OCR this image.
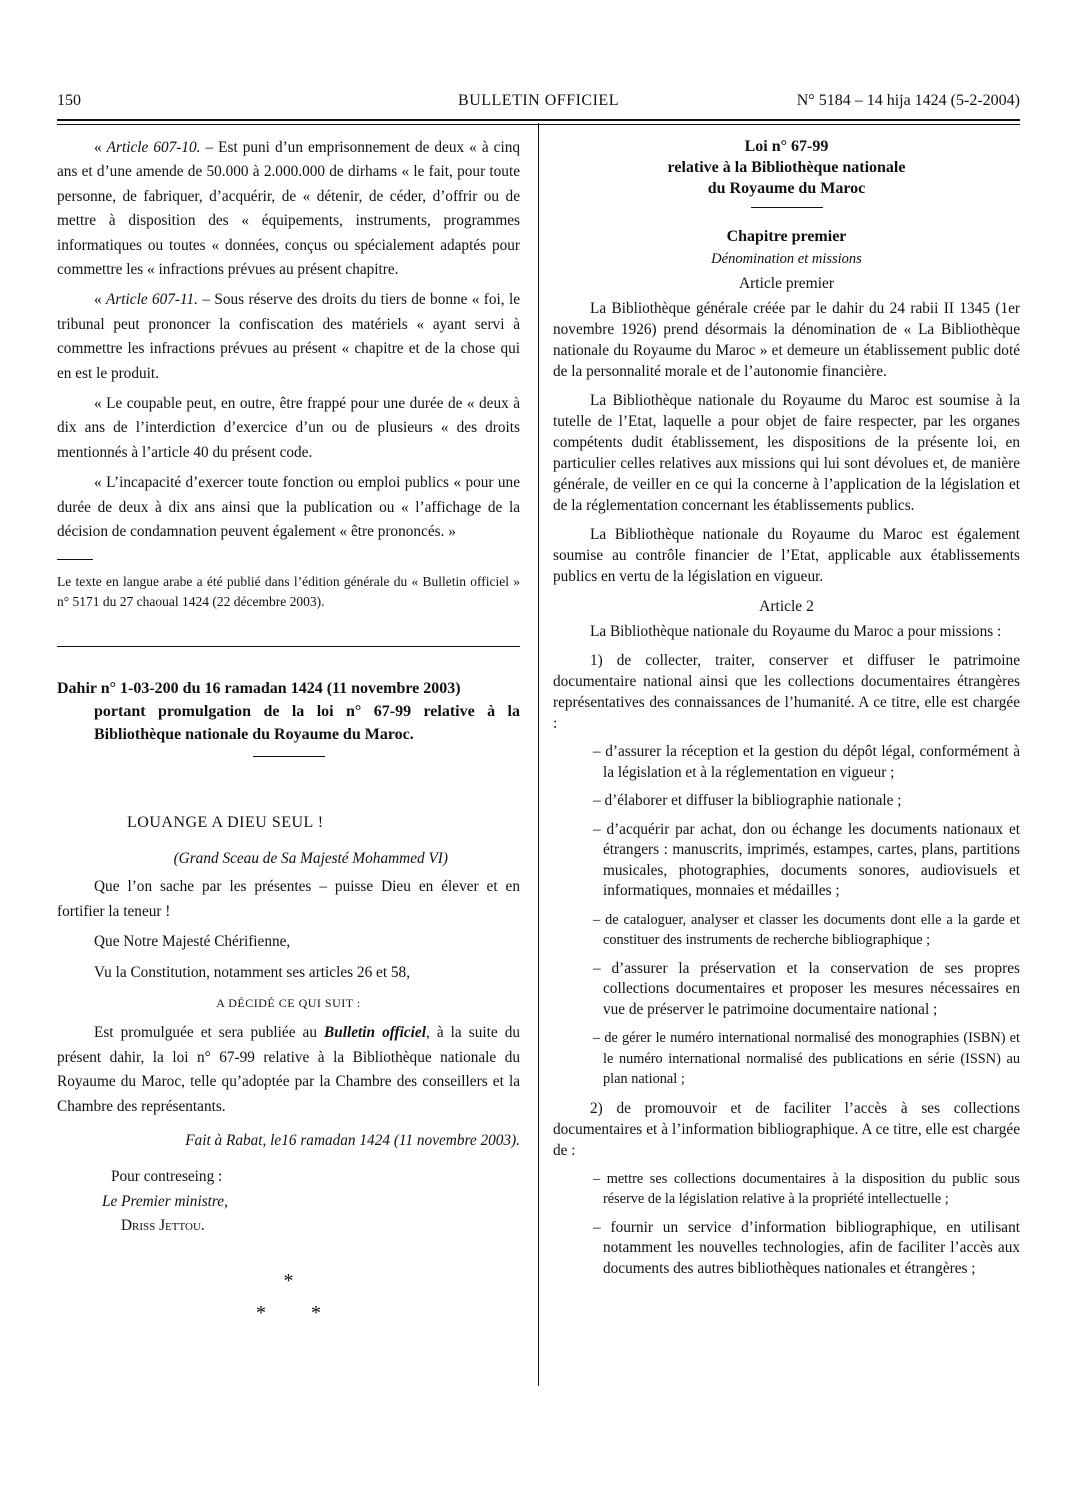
150	BULLETIN OFFICIEL	N° 5184 – 14 hija 1424 (5-2-2004)

« Article 607-10. – Est puni d’un emprisonnement de deux « à cinq ans et d’une amende de 50.000 à 2.000.000 de dirhams « le fait, pour toute personne, de fabriquer, d’acquérir, de « détenir, de céder, d’offrir ou de mettre à disposition des « équipements, instruments, programmes informatiques ou toutes « données, conçus ou spécialement adaptés pour commettre les « infractions prévues au présent chapitre.

« Article 607-11. – Sous réserve des droits du tiers de bonne « foi, le tribunal peut prononcer la confiscation des matériels « ayant servi à commettre les infractions prévues au présent « chapitre et de la chose qui en est le produit.

« Le coupable peut, en outre, être frappé pour une durée de « deux à dix ans de l’interdiction d’exercice d’un ou de plusieurs « des droits mentionnés à l’article 40 du présent code.

« L’incapacité d’exercer toute fonction ou emploi publics « pour une durée de deux à dix ans ainsi que la publication ou « l’affichage de la décision de condamnation peuvent également « être prononcés. »

Le texte en langue arabe a été publié dans l’édition générale du « Bulletin officiel » n° 5171 du 27 chaoual 1424 (22 décembre 2003).

Dahir n° 1-03-200 du 16 ramadan 1424 (11 novembre 2003)
portant promulgation de la loi n° 67-99 relative à la Bibliothèque nationale du Royaume du Maroc.

LOUANGE A DIEU SEUL !

(Grand Sceau de Sa Majesté Mohammed VI)

Que l’on sache par les présentes – puisse Dieu en élever et en fortifier la teneur !

Que Notre Majesté Chérifienne,

Vu la Constitution, notamment ses articles 26 et 58,

A DÉCIDÉ CE QUI SUIT :

Est promulguée et sera publiée au Bulletin officiel, à la suite du présent dahir, la loi n° 67-99 relative à la Bibliothèque nationale du Royaume du Maroc, telle qu’adoptée par la Chambre des conseillers et la Chambre des représentants.

Fait à Rabat, le16 ramadan 1424 (11 novembre 2003).

Pour contreseing :

Le Premier ministre,

Driss Jettou.

*
* *
Loi n° 67-99
relative à la Bibliothèque nationale
du Royaume du Maroc
Chapitre premier
Dénomination et missions
Article premier

La Bibliothèque générale créée par le dahir du 24 rabii II 1345 (1er novembre 1926) prend désormais la dénomination de « La Bibliothèque nationale du Royaume du Maroc » et demeure un établissement public doté de la personnalité morale et de l’autonomie financière.

La Bibliothèque nationale du Royaume du Maroc est soumise à la tutelle de l’Etat, laquelle a pour objet de faire respecter, par les organes compétents dudit établissement, les dispositions de la présente loi, en particulier celles relatives aux missions qui lui sont dévolues et, de manière générale, de veiller en ce qui la concerne à l’application de la législation et de la réglementation concernant les établissements publics.

La Bibliothèque nationale du Royaume du Maroc est également soumise au contrôle financier de l’Etat, applicable aux établissements publics en vertu de la législation en vigueur.

Article 2

La Bibliothèque nationale du Royaume du Maroc a pour missions :

1) de collecter, traiter, conserver et diffuser le patrimoine documentaire national ainsi que les collections documentaires étrangères représentatives des connaissances de l’humanité. A ce titre, elle est chargée :

– d’assurer la réception et la gestion du dépôt légal, conformément à la législation et à la réglementation en vigueur ;

– d’élaborer et diffuser la bibliographie nationale ;

– d’acquérir par achat, don ou échange les documents nationaux et étrangers : manuscrits, imprimés, estampes, cartes, plans, partitions musicales, photographies, documents sonores, audiovisuels et informatiques, monnaies et médailles ;

– de cataloguer, analyser et classer les documents dont elle a la garde et constituer des instruments de recherche bibliographique ;

– d’assurer la préservation et la conservation de ses propres collections documentaires et proposer les mesures nécessaires en vue de préserver le patrimoine documentaire national ;

– de gérer le numéro international normalisé des monographies (ISBN) et le numéro international normalisé des publications en série (ISSN) au plan national ;

2) de promouvoir et de faciliter l’accès à ses collections documentaires et à l’information bibliographique. A ce titre, elle est chargée de :

– mettre ses collections documentaires à la disposition du public sous réserve de la législation relative à la propriété intellectuelle ;

– fournir un service d’information bibliographique, en utilisant notamment les nouvelles technologies, afin de faciliter l’accès aux documents des autres bibliothèques nationales et étrangères ;
